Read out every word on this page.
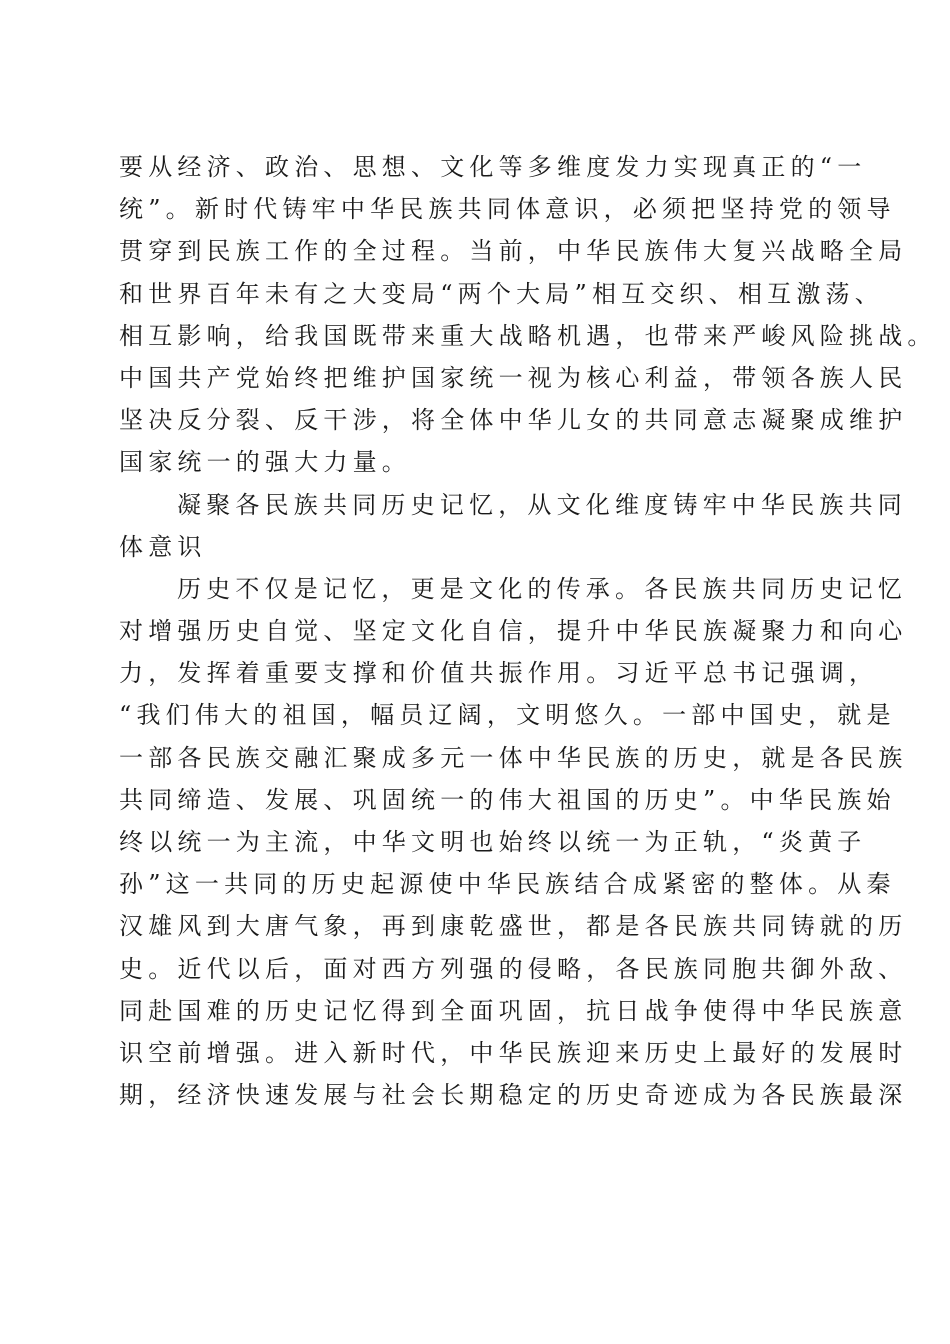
要从经济、政治、思想、文化等多维度发力实现真正的“一
统”。新时代铸牢中华民族共同体意识，必须把坚持党的领导
贯穿到民族工作的全过程。当前，中华民族伟大复兴战略全局
和世界百年未有之大变局“两个大局”相互交织、相互激荡、
相互影响，给我国既带来重大战略机遇，也带来严峻风险挑战。
中国共产党始终把维护国家统一视为核心利益，带领各族人民
坚决反分裂、反干涉，将全体中华儿女的共同意志凝聚成维护
国家统一的强大力量。
凝聚各民族共同历史记忆，从文化维度铸牢中华民族共同
体意识
历史不仅是记忆，更是文化的传承。各民族共同历史记忆
对增强历史自觉、坚定文化自信，提升中华民族凝聚力和向心
力，发挥着重要支撑和价值共振作用。习近平总书记强调，
“我们伟大的祖国，幅员辽阔，文明悠久。一部中国史，就是
一部各民族交融汇聚成多元一体中华民族的历史，就是各民族
共同缔造、发展、巩固统一的伟大祖国的历史”。中华民族始
终以统一为主流，中华文明也始终以统一为正轨，“炎黄子
孙”这一共同的历史起源使中华民族结合成紧密的整体。从秦
汉雄风到大唐气象，再到康乾盛世，都是各民族共同铸就的历
史。近代以后，面对西方列强的侵略，各民族同胞共御外敌、
同赴国难的历史记忆得到全面巩固，抗日战争使得中华民族意
识空前增强。进入新时代，中华民族迎来历史上最好的发展时
期，经济快速发展与社会长期稳定的历史奇迹成为各民族最深
